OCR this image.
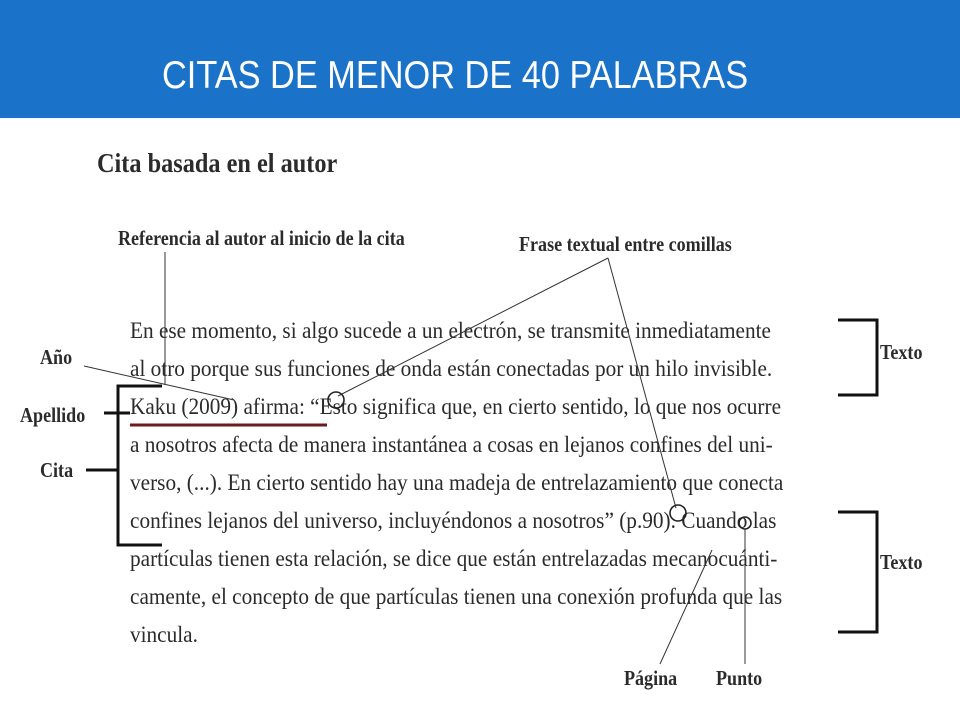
CITAS DE MENOR DE 40 PALABRAS
Cita basada en el autor
Referencia al autor al inicio de la cita	Frase textual entre comillas
Año
Apellido
Cita
Texto
Texto
Página Punto
En ese momento, si algo sucede a un electrón, se transmite inmediatamente
al otro porque sus funciones de onda están conectadas por un hilo invisible.
Kaku (2009) afirma: “Esto significa que, en cierto sentido, lo que nos ocurre
a nosotros afecta de manera instantánea a cosas en lejanos confines del uni-
verso, (...). En cierto sentido hay una madeja de entrelazamiento que conecta
confines lejanos del universo, incluyéndonos a nosotros” (p.90). Cuando las
partículas tienen esta relación, se dice que están entrelazadas mecanocuánti-
camente, el concepto de que partículas tienen una conexión profunda que las
vincula.
